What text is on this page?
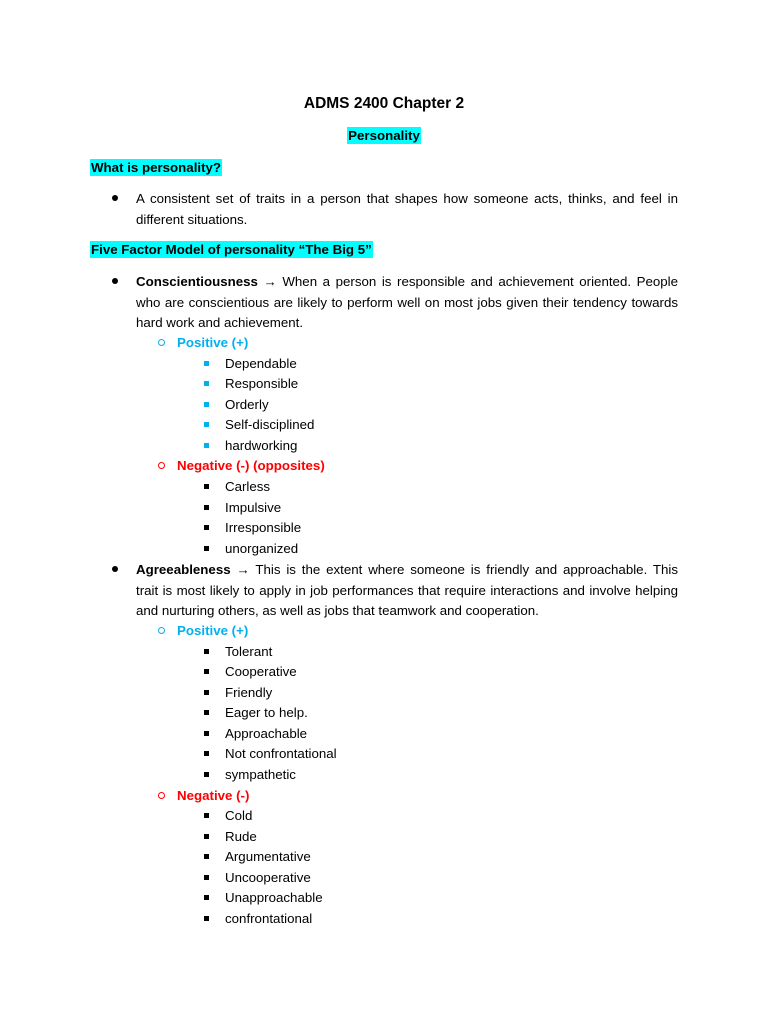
ADMS 2400 Chapter 2
Personality
What is personality?
A consistent set of traits in a person that shapes how someone acts, thinks, and feel in different situations.
Five Factor Model of personality “The Big 5”
Conscientiousness → When a person is responsible and achievement oriented. People who are conscientious are likely to perform well on most jobs given their tendency towards hard work and achievement.
Positive (+)
Dependable
Responsible
Orderly
Self-disciplined
hardworking
Negative (-) (opposites)
Carless
Impulsive
Irresponsible
unorganized
Agreeableness → This is the extent where someone is friendly and approachable. This trait is most likely to apply in job performances that require interactions and involve helping and nurturing others, as well as jobs that teamwork and cooperation.
Positive (+)
Tolerant
Cooperative
Friendly
Eager to help.
Approachable
Not confrontational
sympathetic
Negative (-)
Cold
Rude
Argumentative
Uncooperative
Unapproachable
confrontational
